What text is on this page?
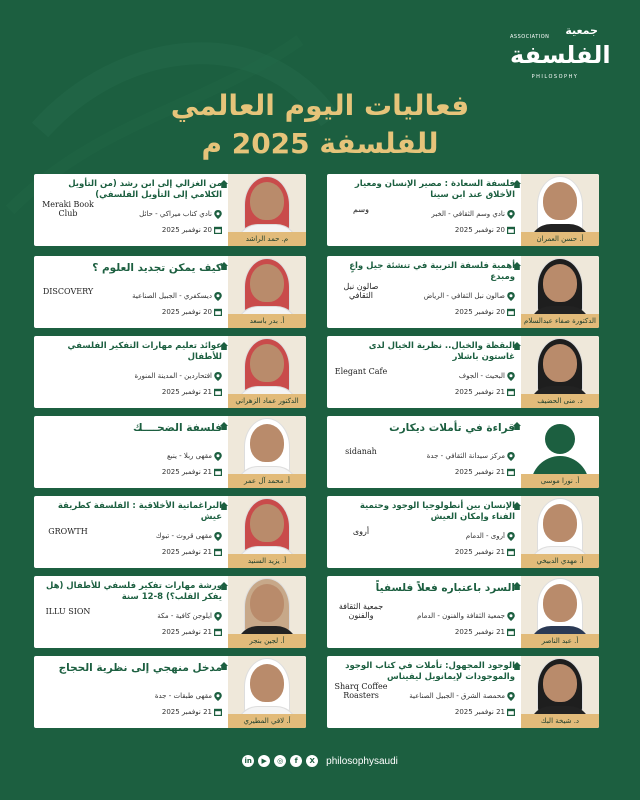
ASSOCIATION جمعية
الفلسفة
PHILOSOPHY
فعاليات اليوم العالمي
للفلسفة 2025 م
أ. حسن العمران
فلسفة السعادة : مصير الإنسان ومعيار الأخلاق عند ابن سينا
نادي وسم الثقافي - الخبر
20 نوفمبر 2025
وسم
الدكتورة صفاء عبدالسلام
أهمية فلسفة التربية في تنشئة جيل واعٍ ومبدع
صالون نبل الثقافي - الرياض
20 نوفمبر 2025
صالون نبل الثقافي
د. منى الحضيف
البقظة والخيال.. نظرية الخيال لدى غاستون باشلار
البحيث - الجوف
21 نوفمبر 2025
Elegant Cafe
أ. نورا موسى
قراءة في تأملات ديكارت
مركز سيدانة الثقافي - جدة
21 نوفمبر 2025
sidanah
أ. مهدي الدبيخي
الإنسان بين أنطولوجيا الوجود وحتمية الفناء وإمكان العيش
أروى - الدمام
21 نوفمبر 2025
أروى
أ. عبد الناصر
السرد باعتباره فعلاً فلسفياً
جمعية الثقافة والفنون - الدمام
21 نوفمبر 2025
جمعية الثقافة والفنون
د. شيخة البك
الوجود المجهول: تأملات في كتاب الوجود والموجودات لإيمانويل ليفيناس
محمصة الشرق - الجبيل الصناعية
21 نوفمبر 2025
Sharq Coffee Roasters
م. حمد الراشد
من الغزالي إلى ابن رشد (من التأويل الكلامي إلى التأويل الفلسفي)
نادي كتاب ميراكي - حائل
20 نوفمبر 2025
Meraki Book Club
أ. بدر باسعد
كيف يمكن تجديد العلوم ؟
ديسكفري - الجبيل الصناعية
20 نوفمبر 2025
DISCOVERY
الدكتور عماد الزهراني
عوائد تعليم مهارات التفكير الفلسفي للأطفال
افتحاردين - المدينة المنورة
21 نوفمبر 2025
أ. محمد آل عمر
فلسفة الضحــــك
مقهى ربلا - ينبع
21 نوفمبر 2025
أ. يزيد السنيد
البراغماتية الأخلاقية : الفلسفة كطريقة عيش
مقهى قروث - تبوك
21 نوفمبر 2025
GROWTH
أ. لجين بنجر
ورشة مهارات تفكير فلسفي للأطفال (هل يفكر القلب؟) 8-12 سنة
ايلوجن كافية - مكة
21 نوفمبر 2025
ILLU SION
أ. لافي المطيري
مدخل منهجي إلى نظرية الحجاج
مقهى طبقات - جدة
21 نوفمبر 2025
in	▶	◎	f	X	philosophysaudi
